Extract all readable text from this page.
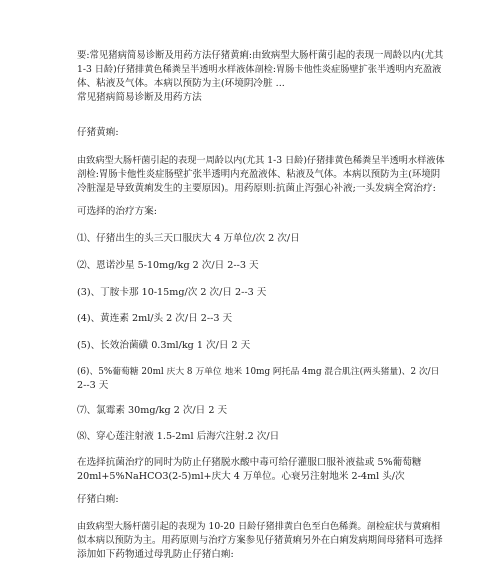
要:常见猪病简易诊断及用药方法仔猪黄痢:由致病型大肠杆菌引起的表现一周龄以内(尤其

1-3 日龄)仔猪排黄色稀粪呈半透明水样液体剖检:胃肠卡他性炎症肠壁扩张半透明内充盈液

体、粘液及气体。本病以预防为主(环境阴冷脏 ...

常见猪病简易诊断及用药方法

仔猪黄痢:

由致病型大肠杆菌引起的表现一周龄以内(尤其 1-3 日龄)仔猪排黄色稀粪呈半透明水样液体

剖检:胃肠卡他性炎症肠壁扩张半透明内充盈液体、粘液及气体。本病以预防为主(环境阴

冷脏湿是导致黄痢发生的主要原因)。用药原则:抗菌止泻强心补液;一头发病全窝治疗:

可选择的治疗方案:

⑴、仔猪出生的头三天口服庆大 4 万单位/次 2 次/日

⑵、恩诺沙星 5-10mg/kg 2 次/日 2--3 天

(3)、丁胺卡那 10-15mg/次 2 次/日 2--3 天

(4)、黄连素 2ml/头 2 次/日 2--3 天

(5)、长效治菌磺 0.3ml/kg 1 次/日 2 天

(6)、5%葡萄糖 20ml 庆大 8 万单位 地米 10mg 阿托品 4mg 混合肌注(两头猪量)、2 次/日

2--3 天

⑺、氯霉素 30mg/kg 2 次/日 2 天

⑻、穿心莲注射液 1.5-2ml 后海穴注射.2 次/日

在选择抗菌治疗的同时为防止仔猪脱水酸中毒可给仔灌服口服补液盐或 5%葡萄糖

20ml+5%NaHCO3(2-5)ml+庆大 4 万单位。心衰另注射地米 2-4ml 头/次

仔猪白痢:

由致病型大肠杆菌引起的表现为 10-20 日龄仔猪排黄白色至白色稀粪。剖检症状与黄痢相

似本病以预防为主。用药原则与治疗方案参见仔猪黄痢另外在白痢发病期间母猪料可选择

添加如下药物通过母乳防止仔猪白痢:
